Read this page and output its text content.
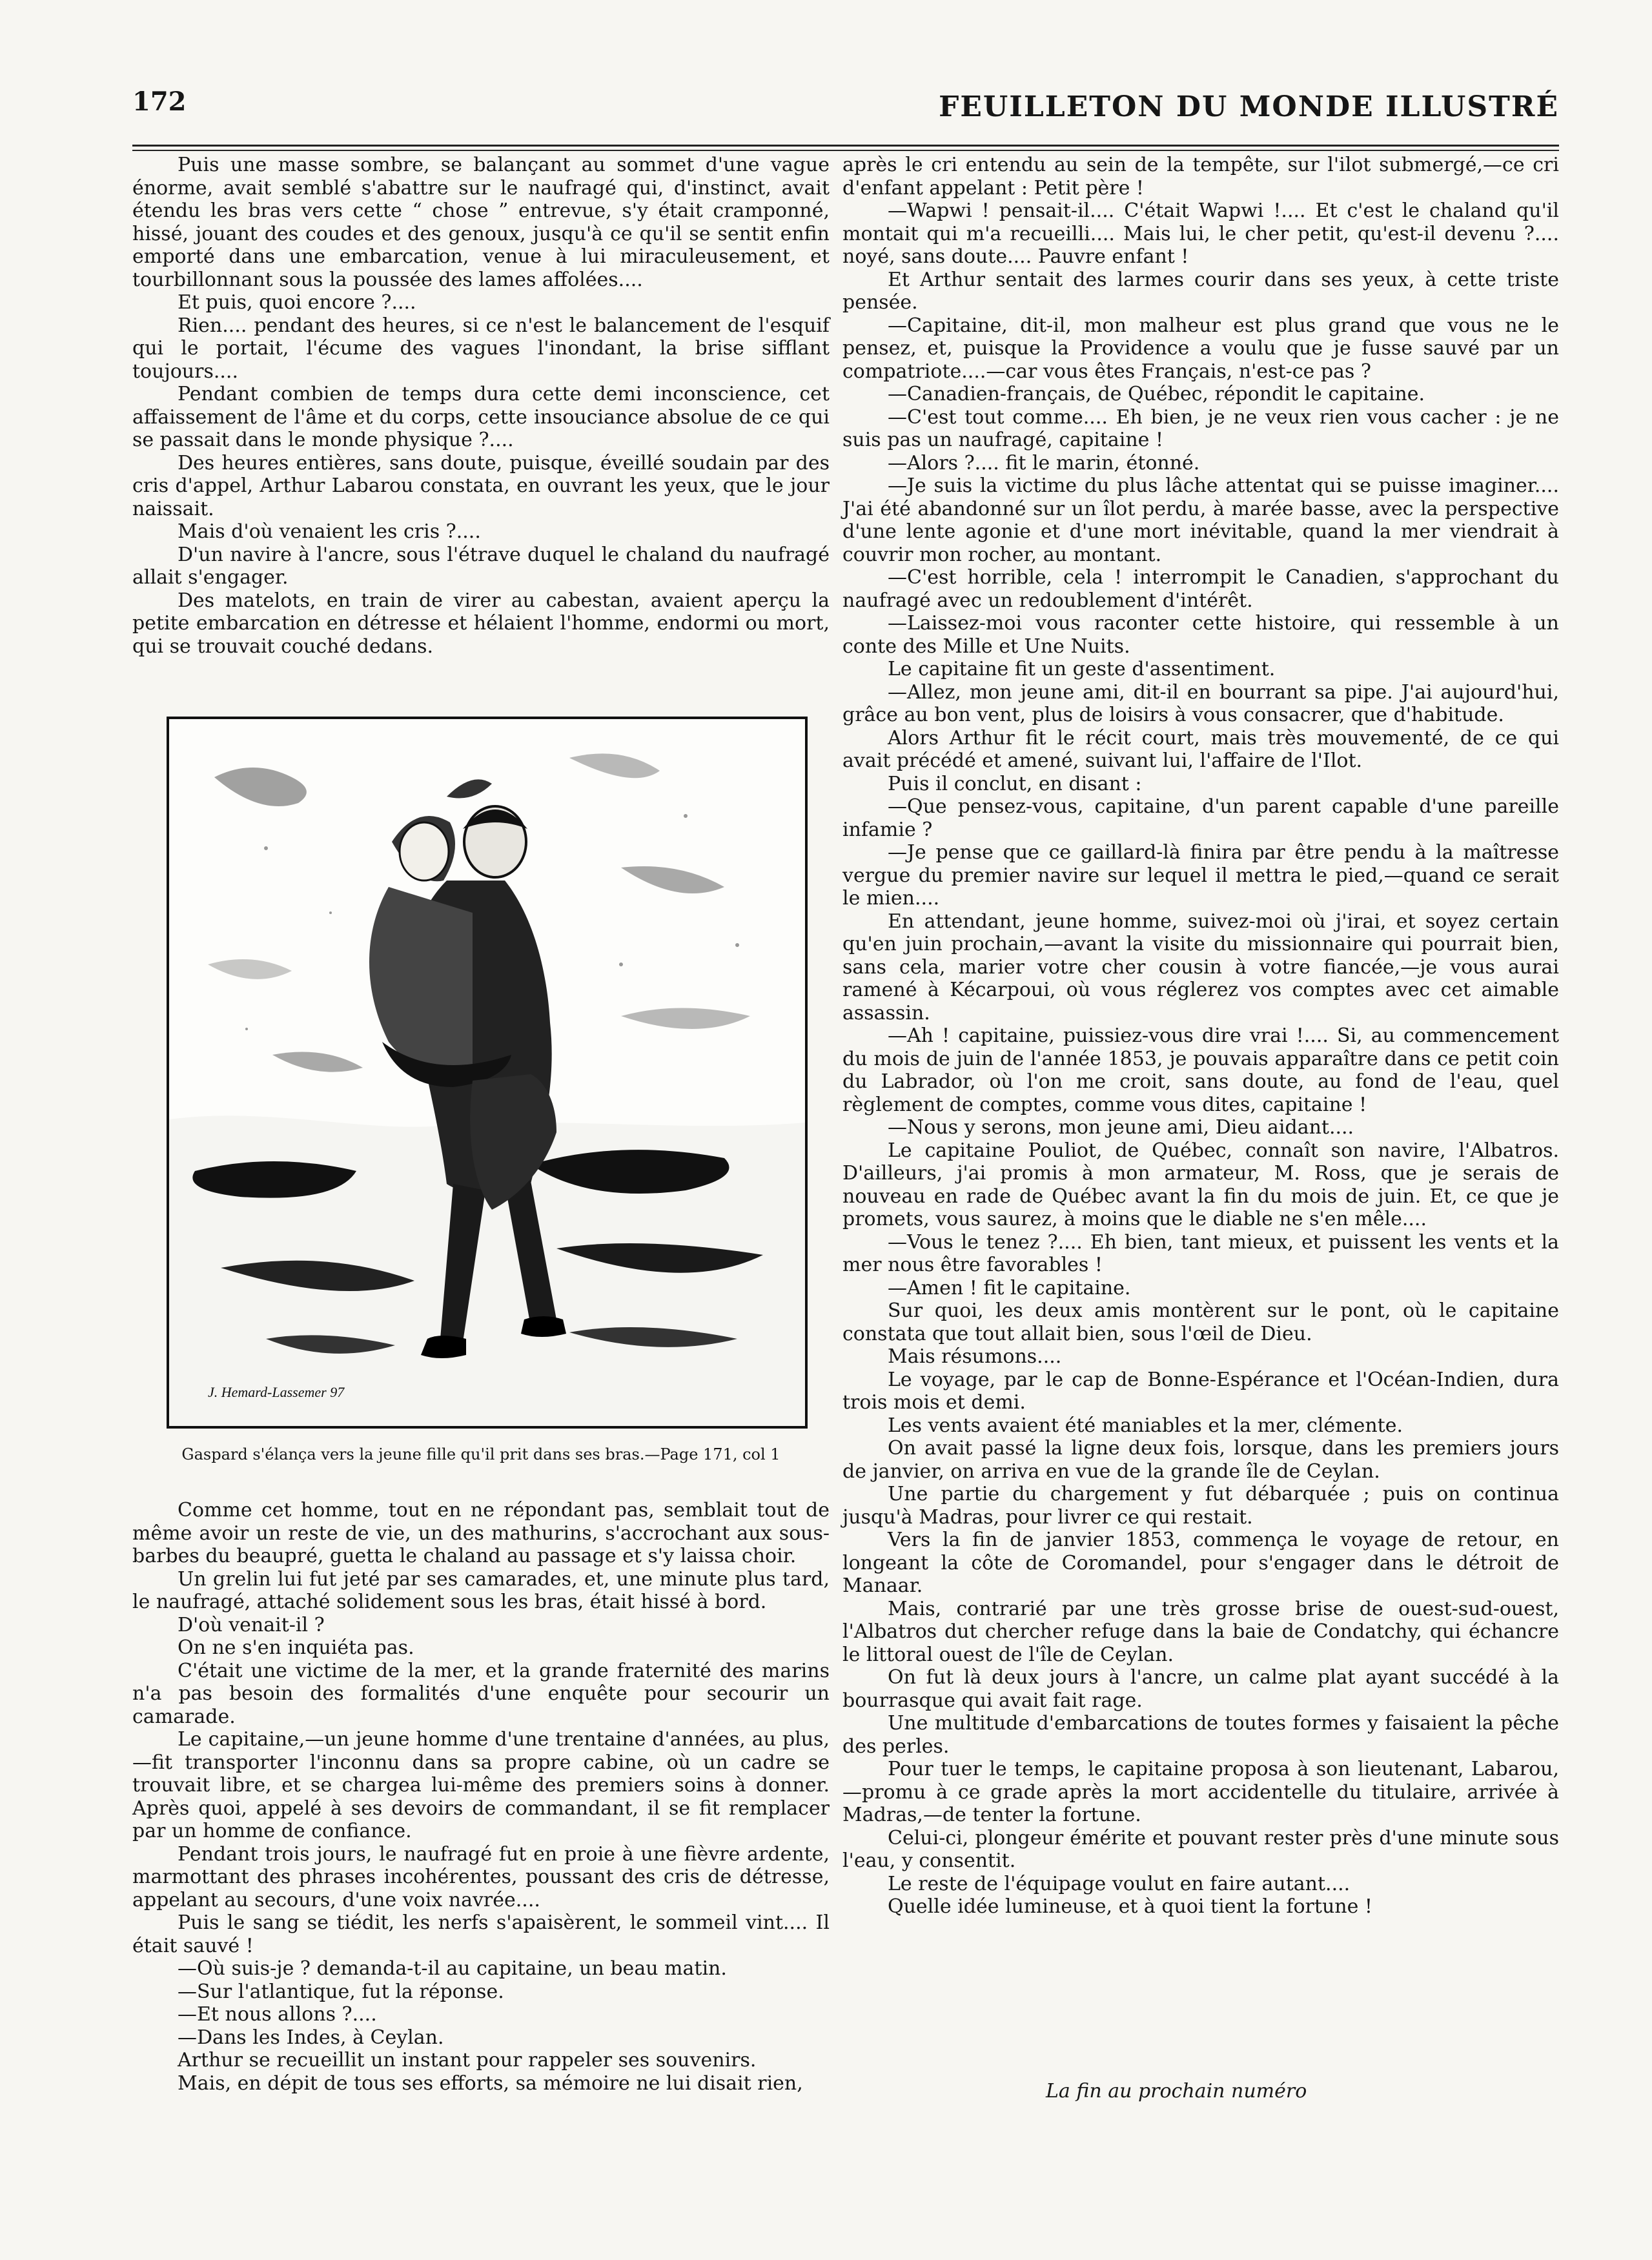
172	FEUILLETON DU MONDE ILLUSTRÉ

Puis une masse sombre, se balançant au sommet d'une vague énorme, avait semblé s'abattre sur le naufragé qui, d'instinct, avait étendu les bras vers cette “ chose ” entrevue, s'y était cramponné, hissé, jouant des coudes et des genoux, jusqu'à ce qu'il se sentit enfin emporté dans une embarcation, venue à lui miraculeusement, et tourbillonnant sous la poussée des lames affolées....

Et puis, quoi encore ?....

Rien.... pendant des heures, si ce n'est le balancement de l'esquif qui le portait, l'écume des vagues l'inondant, la brise sifflant toujours....

Pendant combien de temps dura cette demi inconscience, cet affaissement de l'âme et du corps, cette insouciance absolue de ce qui se passait dans le monde physique ?....

Des heures entières, sans doute, puisque, éveillé soudain par des cris d'appel, Arthur Labarou constata, en ouvrant les yeux, que le jour naissait.

Mais d'où venaient les cris ?....

D'un navire à l'ancre, sous l'étrave duquel le chaland du naufragé allait s'engager.

Des matelots, en train de virer au cabestan, avaient aperçu la petite embarcation en détresse et hélaient l'homme, endormi ou mort, qui se trouvait couché dedans.

J. Hemard-Lassemer 97
Gaspard s'élança vers la jeune fille qu'il prit dans ses bras.—Page 171, col 1

Comme cet homme, tout en ne répondant pas, semblait tout de même avoir un reste de vie, un des mathurins, s'accrochant aux sous-barbes du beaupré, guetta le chaland au passage et s'y laissa choir.

Un grelin lui fut jeté par ses camarades, et, une minute plus tard, le naufragé, attaché solidement sous les bras, était hissé à bord.

D'où venait-il ?

On ne s'en inquiéta pas.

C'était une victime de la mer, et la grande fraternité des marins n'a pas besoin des formalités d'une enquête pour secourir un camarade.

Le capitaine,—un jeune homme d'une trentaine d'années, au plus,—fit transporter l'inconnu dans sa propre cabine, où un cadre se trouvait libre, et se chargea lui-même des premiers soins à donner. Après quoi, appelé à ses devoirs de commandant, il se fit remplacer par un homme de confiance.

Pendant trois jours, le naufragé fut en proie à une fièvre ardente, marmottant des phrases incohérentes, poussant des cris de détresse, appelant au secours, d'une voix navrée....

Puis le sang se tiédit, les nerfs s'apaisèrent, le sommeil vint.... Il était sauvé !

—Où suis-je ? demanda-t-il au capitaine, un beau matin.

—Sur l'atlantique, fut la réponse.

—Et nous allons ?....

—Dans les Indes, à Ceylan.

Arthur se recueillit un instant pour rappeler ses souvenirs.

Mais, en dépit de tous ses efforts, sa mémoire ne lui disait rien,

après le cri entendu au sein de la tempête, sur l'ilot submergé,—ce cri d'enfant appelant : Petit père !

—Wapwi ! pensait-il.... C'était Wapwi !.... Et c'est le chaland qu'il montait qui m'a recueilli.... Mais lui, le cher petit, qu'est-il devenu ?.... noyé, sans doute.... Pauvre enfant !

Et Arthur sentait des larmes courir dans ses yeux, à cette triste pensée.

—Capitaine, dit-il, mon malheur est plus grand que vous ne le pensez, et, puisque la Providence a voulu que je fusse sauvé par un compatriote....—car vous êtes Français, n'est-ce pas ?

—Canadien-français, de Québec, répondit le capitaine.

—C'est tout comme.... Eh bien, je ne veux rien vous cacher : je ne suis pas un naufragé, capitaine !

—Alors ?.... fit le marin, étonné.

—Je suis la victime du plus lâche attentat qui se puisse imaginer.... J'ai été abandonné sur un îlot perdu, à marée basse, avec la perspective d'une lente agonie et d'une mort inévitable, quand la mer viendrait à couvrir mon rocher, au montant.

—C'est horrible, cela ! interrompit le Canadien, s'approchant du naufragé avec un redoublement d'intérêt.

—Laissez-moi vous raconter cette histoire, qui ressemble à un conte des Mille et Une Nuits.

Le capitaine fit un geste d'assentiment.

—Allez, mon jeune ami, dit-il en bourrant sa pipe. J'ai aujourd'hui, grâce au bon vent, plus de loisirs à vous consacrer, que d'habitude.

Alors Arthur fit le récit court, mais très mouvementé, de ce qui avait précédé et amené, suivant lui, l'affaire de l'Ilot.

Puis il conclut, en disant :

—Que pensez-vous, capitaine, d'un parent capable d'une pareille infamie ?

—Je pense que ce gaillard-là finira par être pendu à la maîtresse vergue du premier navire sur lequel il mettra le pied,—quand ce serait le mien....

En attendant, jeune homme, suivez-moi où j'irai, et soyez certain qu'en juin prochain,—avant la visite du missionnaire qui pourrait bien, sans cela, marier votre cher cousin à votre fiancée,—je vous aurai ramené à Kécarpoui, où vous réglerez vos comptes avec cet aimable assassin.

—Ah ! capitaine, puissiez-vous dire vrai !.... Si, au commencement du mois de juin de l'année 1853, je pouvais apparaître dans ce petit coin du Labrador, où l'on me croit, sans doute, au fond de l'eau, quel règlement de comptes, comme vous dites, capitaine !

—Nous y serons, mon jeune ami, Dieu aidant....

Le capitaine Pouliot, de Québec, connaît son navire, l'Albatros. D'ailleurs, j'ai promis à mon armateur, M. Ross, que je serais de nouveau en rade de Québec avant la fin du mois de juin. Et, ce que je promets, vous saurez, à moins que le diable ne s'en mêle....

—Vous le tenez ?.... Eh bien, tant mieux, et puissent les vents et la mer nous être favorables !

—Amen ! fit le capitaine.

Sur quoi, les deux amis montèrent sur le pont, où le capitaine constata que tout allait bien, sous l'œil de Dieu.

Mais résumons....

Le voyage, par le cap de Bonne-Espérance et l'Océan-Indien, dura trois mois et demi.

Les vents avaient été maniables et la mer, clémente.

On avait passé la ligne deux fois, lorsque, dans les premiers jours de janvier, on arriva en vue de la grande île de Ceylan.

Une partie du chargement y fut débarquée ; puis on continua jusqu'à Madras, pour livrer ce qui restait.

Vers la fin de janvier 1853, commença le voyage de retour, en longeant la côte de Coromandel, pour s'engager dans le détroit de Manaar.

Mais, contrarié par une très grosse brise de ouest-sud-ouest, l'Albatros dut chercher refuge dans la baie de Condatchy, qui échancre le littoral ouest de l'île de Ceylan.

On fut là deux jours à l'ancre, un calme plat ayant succédé à la bourrasque qui avait fait rage.

Une multitude d'embarcations de toutes formes y faisaient la pêche des perles.

Pour tuer le temps, le capitaine proposa à son lieutenant, Labarou,—promu à ce grade après la mort accidentelle du titulaire, arrivée à Madras,—de tenter la fortune.

Celui-ci, plongeur émérite et pouvant rester près d'une minute sous l'eau, y consentit.

Le reste de l'équipage voulut en faire autant....

Quelle idée lumineuse, et à quoi tient la fortune !

La fin au prochain numéro
